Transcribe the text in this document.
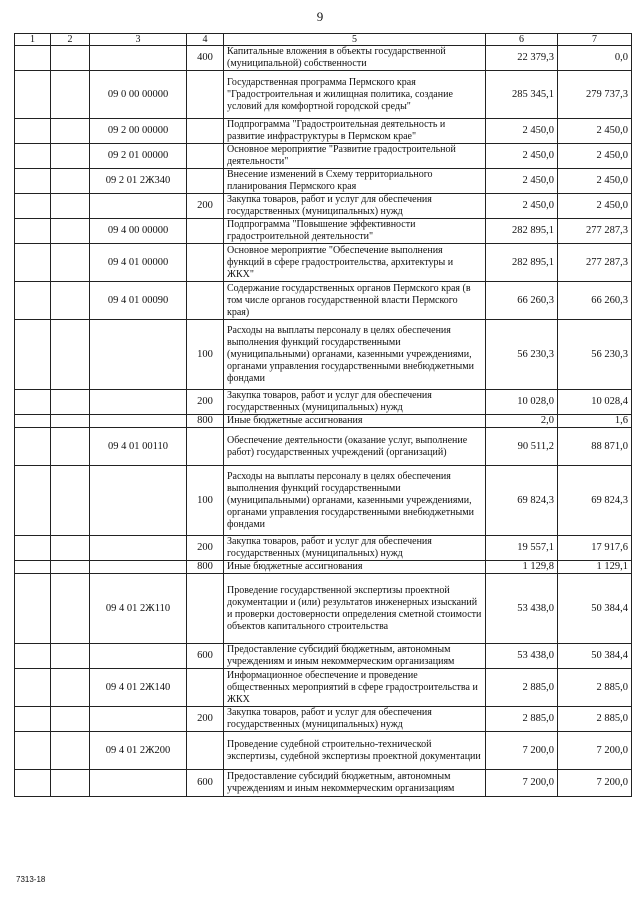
9
1	2	3	4	5	6	7
			400	Капитальные вложения в объекты государственной (муниципальной) собственности	22 379,3	0,0
		09 0 00 00000		Государственная программа Пермского края "Градостроительная и жилищная политика, создание условий для комфортной городской среды"	285 345,1	279 737,3
		09 2 00 00000		Подпрограмма "Градостроительная деятельность и развитие инфраструктуры в Пермском крае"	2 450,0	2 450,0
		09 2 01 00000		Основное мероприятие "Развитие градостроительной деятельности"	2 450,0	2 450,0
		09 2 01 2Ж340		Внесение изменений в Схему территориального планирования Пермского края	2 450,0	2 450,0
			200	Закупка товаров, работ и услуг для обеспечения государственных (муниципальных) нужд	2 450,0	2 450,0
		09 4 00 00000		Подпрограмма "Повышение эффективности градостроительной деятельности"	282 895,1	277 287,3
		09 4 01 00000		Основное мероприятие "Обеспечение выполнения функций в сфере градостроительства, архитектуры и ЖКХ"	282 895,1	277 287,3
		09 4 01 00090		Содержание государственных органов Пермского края (в том числе органов государственной власти Пермского края)	66 260,3	66 260,3
			100	Расходы на выплаты персоналу в целях обеспечения выполнения функций государственными (муниципальными) органами, казенными учреждениями, органами управления государственными внебюджетными фондами	56 230,3	56 230,3
			200	Закупка товаров, работ и услуг для обеспечения государственных (муниципальных) нужд	10 028,0	10 028,4
			800	Иные бюджетные ассигнования	2,0	1,6
		09 4 01 00110		Обеспечение деятельности (оказание услуг, выполнение работ) государственных учреждений (организаций)	90 511,2	88 871,0
			100	Расходы на выплаты персоналу в целях обеспечения выполнения функций государственными (муниципальными) органами, казенными учреждениями, органами управления государственными внебюджетными фондами	69 824,3	69 824,3
			200	Закупка товаров, работ и услуг для обеспечения государственных (муниципальных) нужд	19 557,1	17 917,6
			800	Иные бюджетные ассигнования	1 129,8	1 129,1
		09 4 01 2Ж110		Проведение государственной экспертизы проектной документации и (или) результатов инженерных изысканий и проверки достоверности определения сметной стоимости объектов капитального строительства	53 438,0	50 384,4
			600	Предоставление субсидий бюджетным, автономным учреждениям и иным некоммерческим организациям	53 438,0	50 384,4
		09 4 01 2Ж140		Информационное обеспечение и проведение общественных мероприятий в сфере градостроительства и ЖКХ	2 885,0	2 885,0
			200	Закупка товаров, работ и услуг для обеспечения государственных (муниципальных) нужд	2 885,0	2 885,0
		09 4 01 2Ж200		Проведение судебной строительно-технической экспертизы, судебной экспертизы проектной документации	7 200,0	7 200,0
			600	Предоставление субсидий бюджетным, автономным учреждениям и иным некоммерческим организациям	7 200,0	7 200,0
7313-18
